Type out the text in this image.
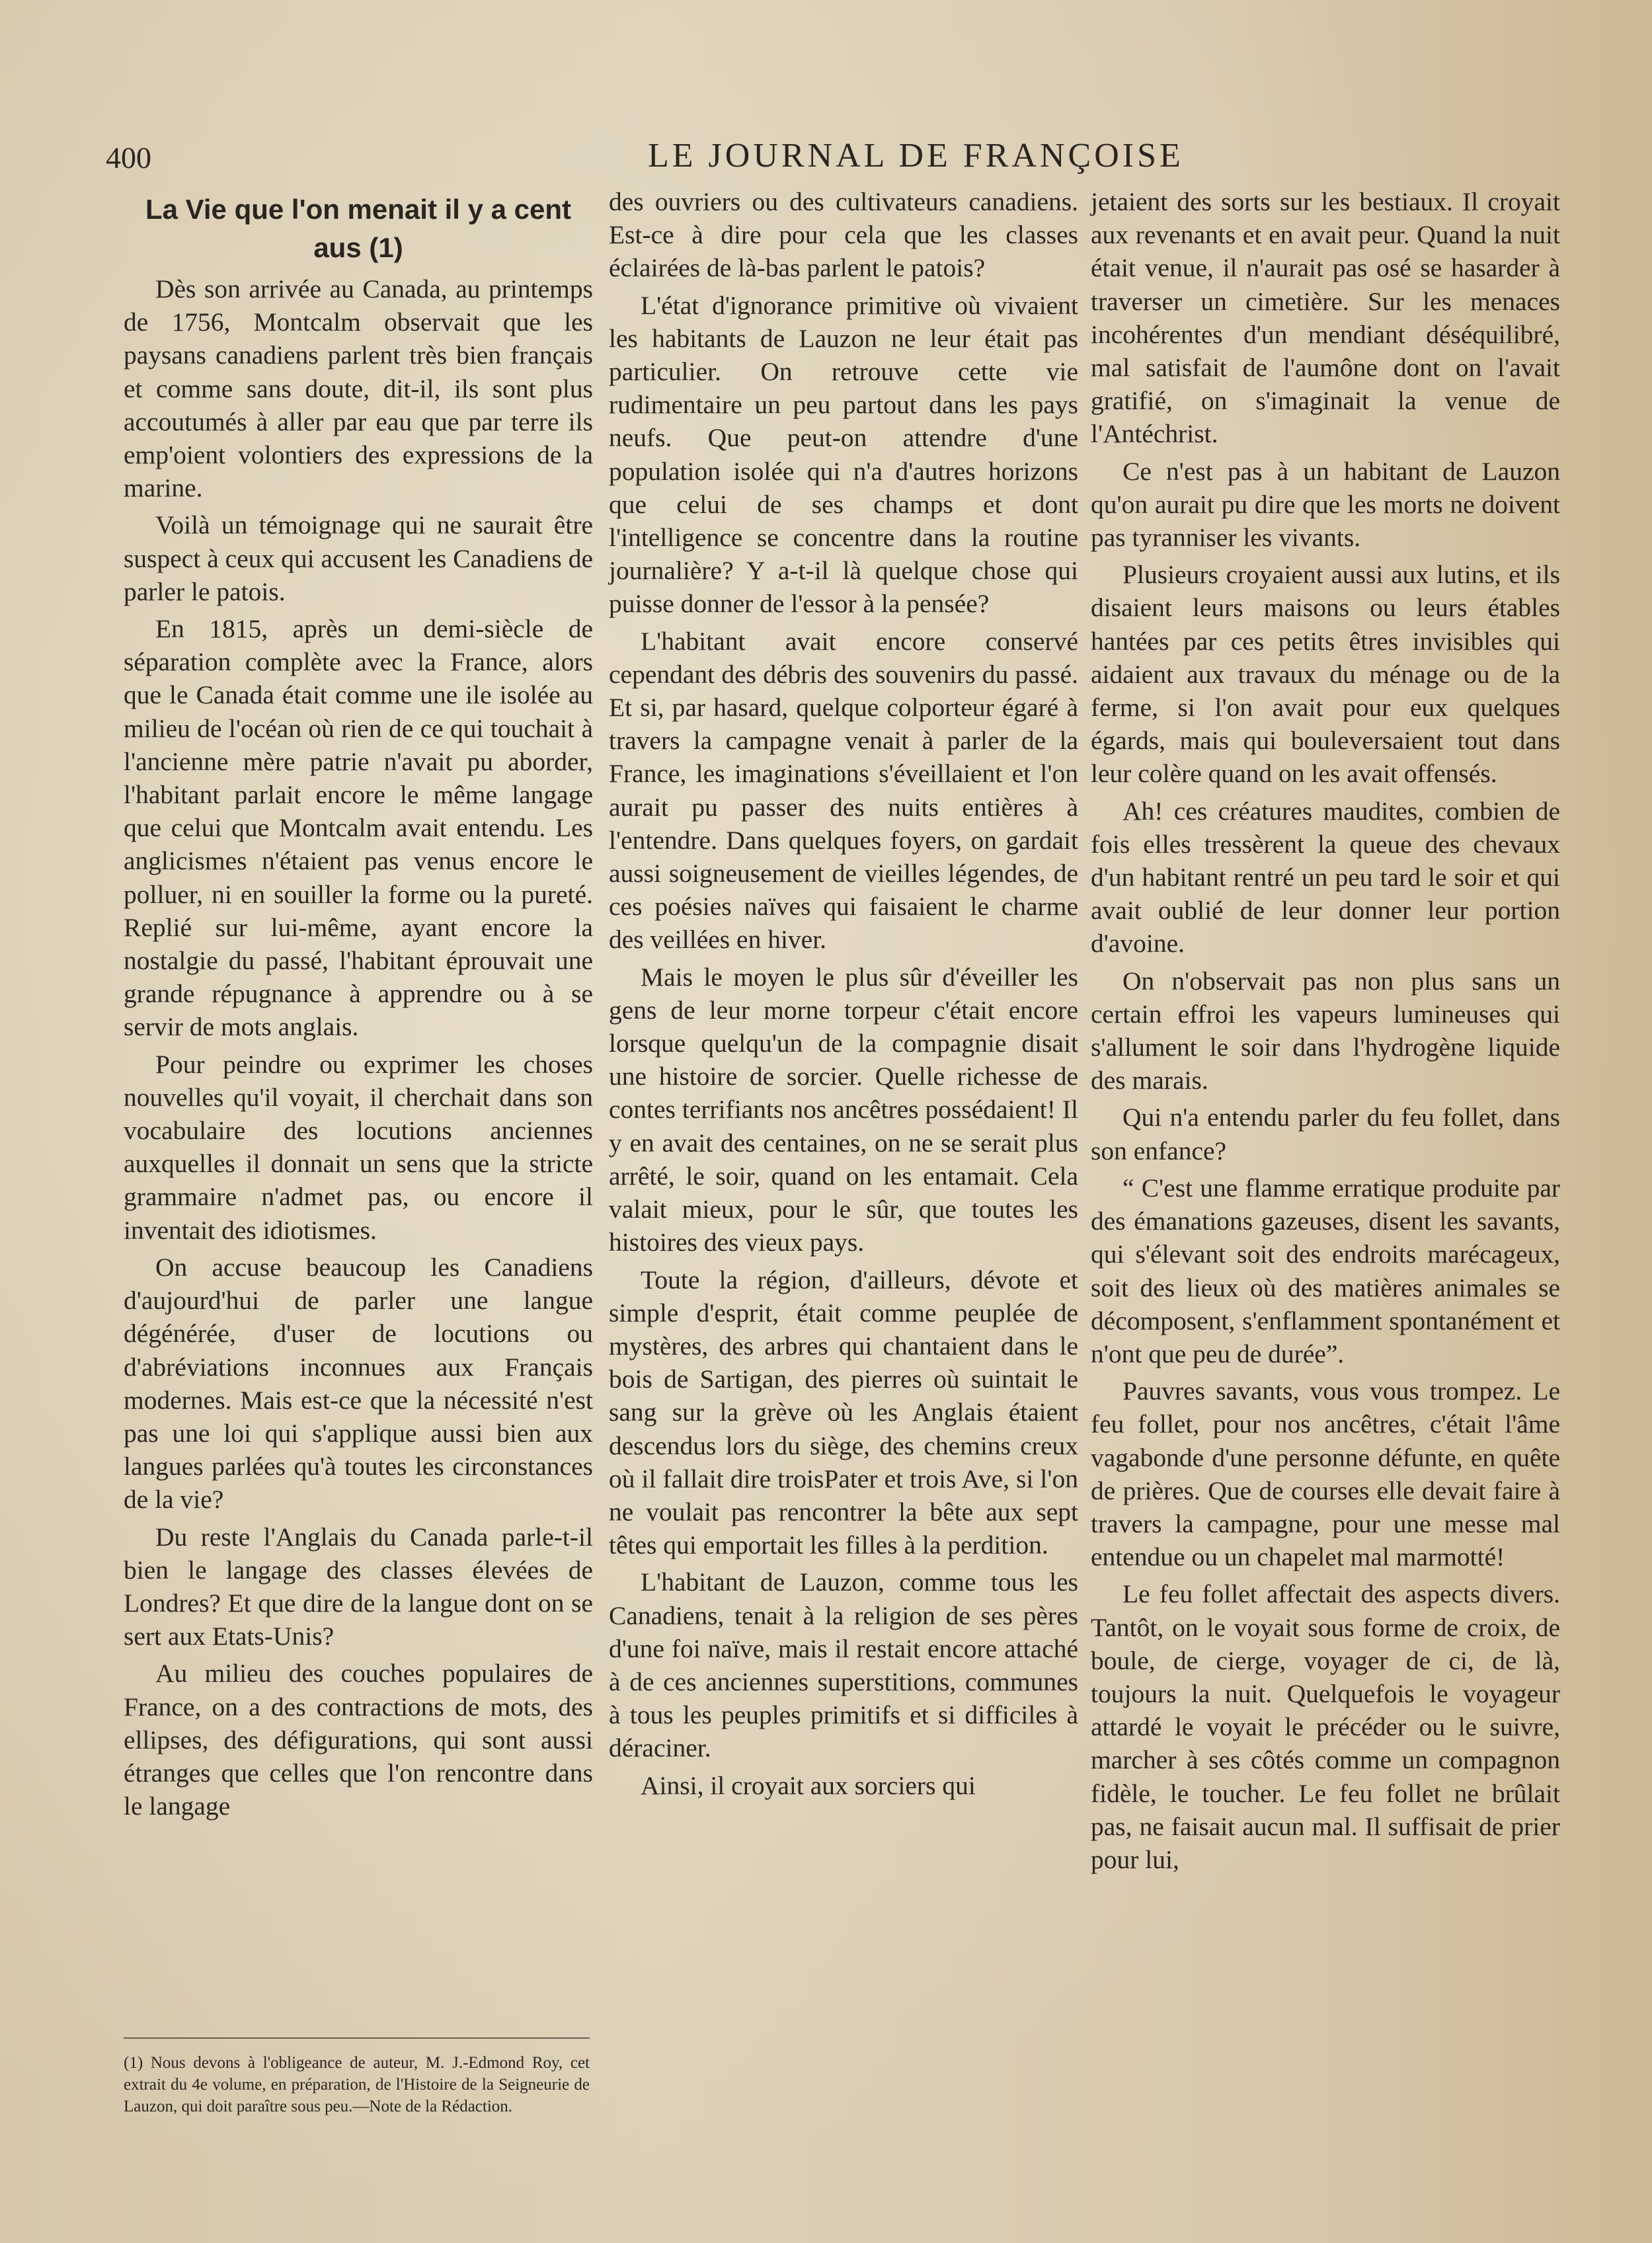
400	LE JOURNAL DE FRANÇOISE
La Vie que l'on menait il y a cent aus (1)

Dès son arrivée au Canada, au printemps de 1756, Montcalm observait que les paysans canadiens parlent très bien français et comme sans doute, dit-il, ils sont plus accoutumés à aller par eau que par terre ils emp'oient volontiers des expressions de la marine.

Voilà un témoignage qui ne saurait être suspect à ceux qui accusent les Canadiens de parler le patois.

En 1815, après un demi-siècle de séparation complète avec la France, alors que le Canada était comme une ile isolée au milieu de l'océan où rien de ce qui touchait à l'ancienne mère patrie n'avait pu aborder, l'habitant parlait encore le même langage que celui que Montcalm avait entendu. Les anglicismes n'étaient pas venus encore le polluer, ni en souiller la forme ou la pureté. Replié sur lui-même, ayant encore la nostalgie du passé, l'habitant éprouvait une grande répugnance à apprendre ou à se servir de mots anglais.

Pour peindre ou exprimer les choses nouvelles qu'il voyait, il cherchait dans son vocabulaire des locutions anciennes auxquelles il donnait un sens que la stricte grammaire n'admet pas, ou encore il inventait des idiotismes.

On accuse beaucoup les Canadiens d'aujourd'hui de parler une langue dégénérée, d'user de locutions ou d'abréviations inconnues aux Français modernes. Mais est-ce que la nécessité n'est pas une loi qui s'applique aussi bien aux langues parlées qu'à toutes les circonstances de la vie?

Du reste l'Anglais du Canada parle-t-il bien le langage des classes élevées de Londres? Et que dire de la langue dont on se sert aux Etats-Unis?

Au milieu des couches populaires de France, on a des contractions de mots, des ellipses, des défigurations, qui sont aussi étranges que celles que l'on rencontre dans le langage

des ouvriers ou des cultivateurs canadiens. Est-ce à dire pour cela que les classes éclairées de là-bas parlent le patois?

L'état d'ignorance primitive où vivaient les habitants de Lauzon ne leur était pas particulier. On retrouve cette vie rudimentaire un peu partout dans les pays neufs. Que peut-on attendre d'une population isolée qui n'a d'autres horizons que celui de ses champs et dont l'intelligence se concentre dans la routine journalière? Y a-t-il là quelque chose qui puisse donner de l'essor à la pensée?

L'habitant avait encore conservé cependant des débris des souvenirs du passé. Et si, par hasard, quelque colporteur égaré à travers la campagne venait à parler de la France, les imaginations s'éveillaient et l'on aurait pu passer des nuits entières à l'entendre. Dans quelques foyers, on gardait aussi soigneusement de vieilles légendes, de ces poésies naïves qui faisaient le charme des veillées en hiver.

Mais le moyen le plus sûr d'éveiller les gens de leur morne torpeur c'était encore lorsque quelqu'un de la compagnie disait une histoire de sorcier. Quelle richesse de contes terrifiants nos ancêtres possédaient! Il y en avait des centaines, on ne se serait plus arrêté, le soir, quand on les entamait. Cela valait mieux, pour le sûr, que toutes les histoires des vieux pays.

Toute la région, d'ailleurs, dévote et simple d'esprit, était comme peuplée de mystères, des arbres qui chantaient dans le bois de Sartigan, des pierres où suintait le sang sur la grève où les Anglais étaient descendus lors du siège, des chemins creux où il fallait dire troisPater et trois Ave, si l'on ne voulait pas rencontrer la bête aux sept têtes qui emportait les filles à la perdition.

L'habitant de Lauzon, comme tous les Canadiens, tenait à la religion de ses pères d'une foi naïve, mais il restait encore attaché à de ces anciennes superstitions, communes à tous les peuples primitifs et si difficiles à déraciner.

Ainsi, il croyait aux sorciers qui

jetaient des sorts sur les bestiaux. Il croyait aux revenants et en avait peur. Quand la nuit était venue, il n'aurait pas osé se hasarder à traverser un cimetière. Sur les menaces incohérentes d'un mendiant déséquilibré, mal satisfait de l'aumône dont on l'avait gratifié, on s'imaginait la venue de l'Antéchrist.

Ce n'est pas à un habitant de Lauzon qu'on aurait pu dire que les morts ne doivent pas tyranniser les vivants.

Plusieurs croyaient aussi aux lutins, et ils disaient leurs maisons ou leurs étables hantées par ces petits êtres invisibles qui aidaient aux travaux du ménage ou de la ferme, si l'on avait pour eux quelques égards, mais qui bouleversaient tout dans leur colère quand on les avait offensés.

Ah! ces créatures maudites, combien de fois elles tressèrent la queue des chevaux d'un habitant rentré un peu tard le soir et qui avait oublié de leur donner leur portion d'avoine.

On n'observait pas non plus sans un certain effroi les vapeurs lumineuses qui s'allument le soir dans l'hydrogène liquide des marais.

Qui n'a entendu parler du feu follet, dans son enfance?

“ C'est une flamme erratique produite par des émanations gazeuses, disent les savants, qui s'élevant soit des endroits marécageux, soit des lieux où des matières animales se décomposent, s'enflamment spontanément et n'ont que peu de durée”.

Pauvres savants, vous vous trompez. Le feu follet, pour nos ancêtres, c'était l'âme vagabonde d'une personne défunte, en quête de prières. Que de courses elle devait faire à travers la campagne, pour une messe mal entendue ou un chapelet mal marmotté!

Le feu follet affectait des aspects divers. Tantôt, on le voyait sous forme de croix, de boule, de cierge, voyager de ci, de là, toujours la nuit. Quelquefois le voyageur attardé le voyait le précéder ou le suivre, marcher à ses côtés comme un compagnon fidèle, le toucher. Le feu follet ne brûlait pas, ne faisait aucun mal. Il suffisait de prier pour lui,

(1) Nous devons à l'obligeance de auteur, M. J.-Edmond Roy, cet extrait du 4e volume, en préparation, de l'Histoire de la Seigneurie de Lauzon, qui doit paraître sous peu.—Note de la Rédaction.
